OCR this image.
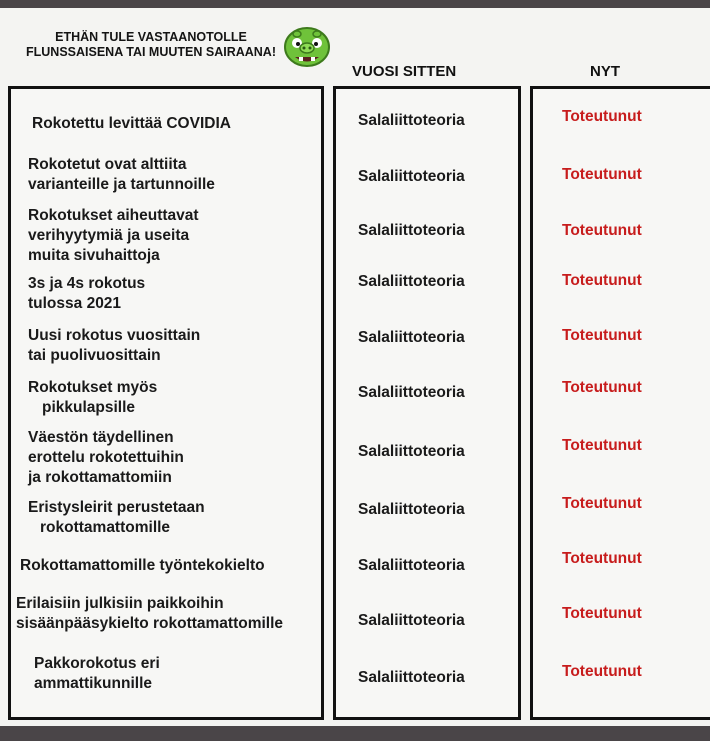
ETHÄN TULE VASTAANOTOLLE
FLUNSSAISENA TAI MUUTEN SAIRAANA!
VUOSI SITTEN	NYT
Rokotettu levittää COVIDIA	Salaliittoteoria	Toteutunut
Rokotetut ovat alttiita
varianteille ja tartunnoille	Salaliittoteoria	Toteutunut
Rokotukset aiheuttavat
verihyytymiä ja useita
muita sivuhaittoja
Salaliittoteoria	Toteutunut
3s ja 4s rokotus
tulossa 2021
Salaliittoteoria	Toteutunut
Uusi rokotus vuosittain
tai puolivuosittain
Salaliittoteoria	Toteutunut
Rokotukset myös
pikkulapsille
Salaliittoteoria	Toteutunut
Väestön täydellinen
erottelu rokotettuihin
ja rokottamattomiin
Salaliittoteoria	Toteutunut
Eristysleirit perustetaan
rokottamattomille
Salaliittoteoria	Toteutunut
Rokottamattomille työntekokielto	Salaliittoteoria	Toteutunut
Erilaisiin julkisiin paikkoihin
sisäänpääsykielto rokottamattomille	Salaliittoteoria	Toteutunut
Pakkorokotus eri
ammattikunnille	Salaliittoteoria	Toteutunut
